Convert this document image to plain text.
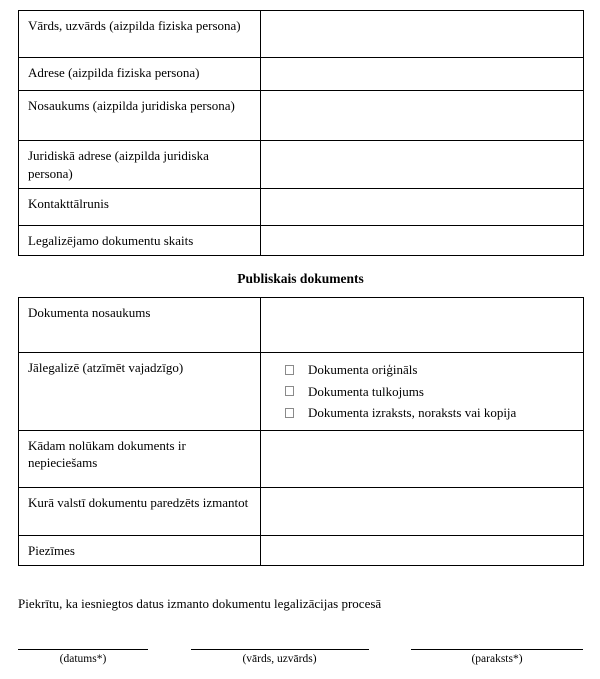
Vārds, uzvārds (aizpilda fiziska persona)	
Adrese (aizpilda fiziska persona)	
Nosaukums (aizpilda juridiska persona)	
Juridiskā adrese (aizpilda juridiska persona)	
Kontakttālrunis	
Legalizējamo dokumentu skaits	
Publiskais dokuments
Dokumenta nosaukums	
Jālegalizē (atzīmēt vajadzīgo)	Dokumenta oriģināls
Dokumenta tulkojums
Dokumenta izraksts, noraksts vai kopija

Kādam nolūkam dokuments ir nepieciešams	
Kurā valstī dokumentu paredzēts izmantot	
Piezīmes	

Piekrītu, ka iesniegtos datus izmanto dokumentu legalizācijas procesā

(datums*)	(vārds, uzvārds)	(paraksts*)
